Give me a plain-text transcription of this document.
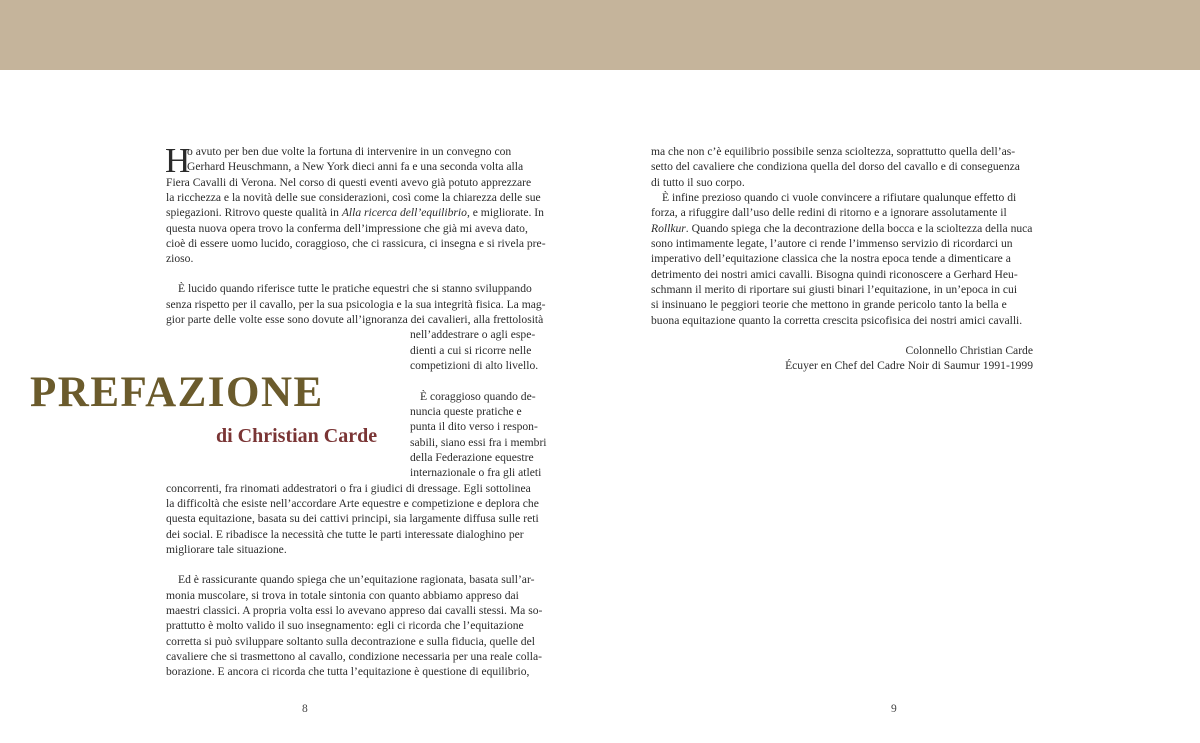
H

o avuto per ben due volte la fortuna di intervenire in un convegno con

Gerhard Heuschmann, a New York dieci anni fa e una seconda volta alla

Fiera Cavalli di Verona. Nel corso di questi eventi avevo già potuto apprezzare

la ricchezza e la novità delle sue considerazioni, così come la chiarezza delle sue

spiegazioni. Ritrovo queste qualità in Alla ricerca dell’equilibrio, e migliorate. In

questa nuova opera trovo la conferma dell’impressione che già mi aveva dato,

cioè di essere uomo lucido, coraggioso, che ci rassicura, ci insegna e si rivela pre-

zioso.

È lucido quando riferisce tutte le pratiche equestri che si stanno sviluppando

senza rispetto per il cavallo, per la sua psicologia e la sua integrità fisica. La mag-

gior parte delle volte esse sono dovute all’ignoranza dei cavalieri, alla frettolosità

nell’addestrare o agli espe-

dienti a cui si ricorre nelle

competizioni di alto livello.

PREFAZIONE
di Christian Carde

È coraggioso quando de-

nuncia queste pratiche e

punta il dito verso i respon-

sabili, siano essi fra i membri

della Federazione equestre

internazionale o fra gli atleti

concorrenti, fra rinomati addestratori o fra i giudici di dressage. Egli sottolinea

la difficoltà che esiste nell’accordare Arte equestre e competizione e deplora che

questa equitazione, basata su dei cattivi principi, sia largamente diffusa sulle reti

dei social. E ribadisce la necessità che tutte le parti interessate dialoghino per

migliorare tale situazione.

Ed è rassicurante quando spiega che un’equitazione ragionata, basata sull’ar-

monia muscolare, si trova in totale sintonia con quanto abbiamo appreso dai

maestri classici. A propria volta essi lo avevano appreso dai cavalli stessi. Ma so-

prattutto è molto valido il suo insegnamento: egli ci ricorda che l’equitazione

corretta si può sviluppare soltanto sulla decontrazione e sulla fiducia, quelle del

cavaliere che si trasmettono al cavallo, condizione necessaria per una reale colla-

borazione. E ancora ci ricorda che tutta l’equitazione è questione di equilibrio,

8

ma che non c’è equilibrio possibile senza scioltezza, soprattutto quella dell’as-

setto del cavaliere che condiziona quella del dorso del cavallo e di conseguenza

di tutto il suo corpo.

È infine prezioso quando ci vuole convincere a rifiutare qualunque effetto di

forza, a rifuggire dall’uso delle redini di ritorno e a ignorare assolutamente il

Rollkur. Quando spiega che la decontrazione della bocca e la scioltezza della nuca

sono intimamente legate, l’autore ci rende l’immenso servizio di ricordarci un

imperativo dell’equitazione classica che la nostra epoca tende a dimenticare a

detrimento dei nostri amici cavalli. Bisogna quindi riconoscere a Gerhard Heu-

schmann il merito di riportare sui giusti binari l’equitazione, in un’epoca in cui

si insinuano le peggiori teorie che mettono in grande pericolo tanto la bella e

buona equitazione quanto la corretta crescita psicofisica dei nostri amici cavalli.

Colonnello Christian Carde

Écuyer en Chef del Cadre Noir di Saumur 1991-1999

9
